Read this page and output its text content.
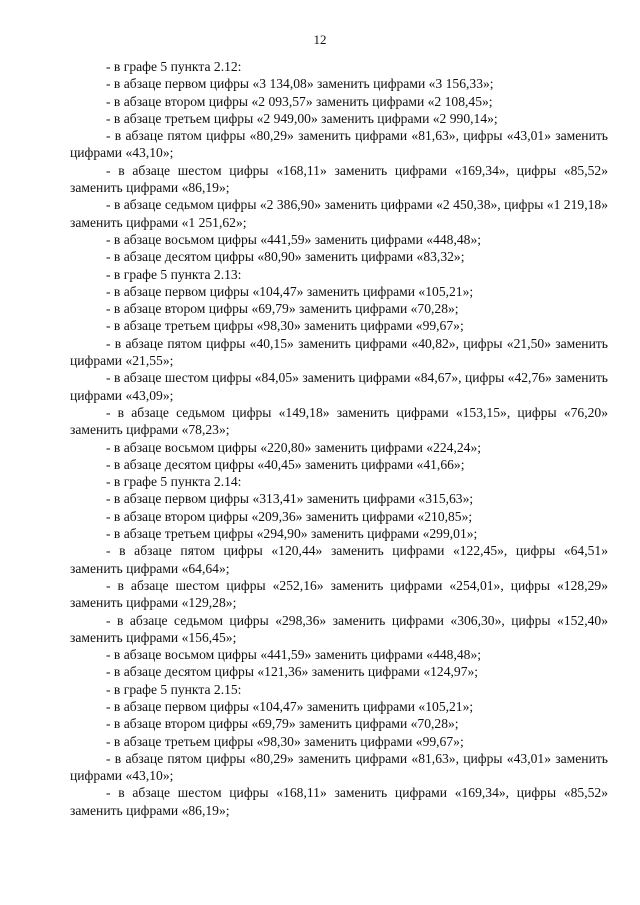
12

- в графе 5 пункта 2.12:

- в абзаце первом цифры «3 134,08» заменить цифрами «3 156,33»;

- в абзаце втором цифры «2 093,57» заменить цифрами «2 108,45»;

- в абзаце третьем цифры «2 949,00» заменить цифрами «2 990,14»;

- в абзаце пятом цифры «80,29» заменить цифрами «81,63», цифры «43,01» заменить цифрами «43,10»;

- в абзаце шестом цифры «168,11» заменить цифрами «169,34», цифры «85,52» заменить цифрами «86,19»;

- в абзаце седьмом цифры «2 386,90» заменить цифрами «2 450,38», цифры «1 219,18» заменить цифрами «1 251,62»;

- в абзаце восьмом цифры «441,59» заменить цифрами «448,48»;

- в абзаце десятом цифры «80,90» заменить цифрами «83,32»;

- в графе 5 пункта 2.13:

- в абзаце первом цифры «104,47» заменить цифрами «105,21»;

- в абзаце втором цифры «69,79» заменить цифрами «70,28»;

- в абзаце третьем цифры «98,30» заменить цифрами «99,67»;

- в абзаце пятом цифры «40,15» заменить цифрами «40,82», цифры «21,50» заменить цифрами «21,55»;

- в абзаце шестом цифры «84,05» заменить цифрами «84,67», цифры «42,76» заменить цифрами «43,09»;

- в абзаце седьмом цифры «149,18» заменить цифрами «153,15», цифры «76,20» заменить цифрами «78,23»;

- в абзаце восьмом цифры «220,80» заменить цифрами «224,24»;

- в абзаце десятом цифры «40,45» заменить цифрами «41,66»;

- в графе 5 пункта 2.14:

- в абзаце первом цифры «313,41» заменить цифрами «315,63»;

- в абзаце втором цифры «209,36» заменить цифрами «210,85»;

- в абзаце третьем цифры «294,90» заменить цифрами «299,01»;

- в абзаце пятом цифры «120,44» заменить цифрами «122,45», цифры «64,51» заменить цифрами «64,64»;

- в абзаце шестом цифры «252,16» заменить цифрами «254,01», цифры «128,29» заменить цифрами «129,28»;

- в абзаце седьмом цифры «298,36» заменить цифрами «306,30», цифры «152,40» заменить цифрами «156,45»;

- в абзаце восьмом цифры «441,59» заменить цифрами «448,48»;

- в абзаце десятом цифры «121,36» заменить цифрами «124,97»;

- в графе 5 пункта 2.15:

- в абзаце первом цифры «104,47» заменить цифрами «105,21»;

- в абзаце втором цифры «69,79» заменить цифрами «70,28»;

- в абзаце третьем цифры «98,30» заменить цифрами «99,67»;

- в абзаце пятом цифры «80,29» заменить цифрами «81,63», цифры «43,01» заменить цифрами «43,10»;

- в абзаце шестом цифры «168,11» заменить цифрами «169,34», цифры «85,52» заменить цифрами «86,19»;
